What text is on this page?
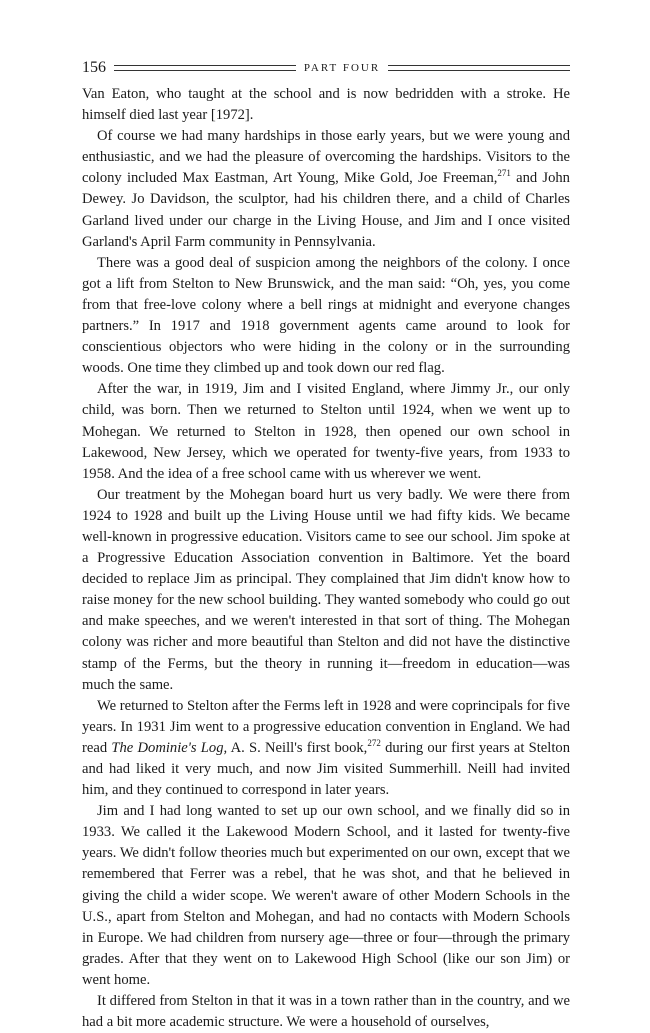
156	PART FOUR

Van Eaton, who taught at the school and is now bedridden with a stroke. He himself died last year [1972].

Of course we had many hardships in those early years, but we were young and enthusiastic, and we had the pleasure of overcoming the hardships. Visitors to the colony included Max Eastman, Art Young, Mike Gold, Joe Freeman,$^{271}$ and John Dewey. Jo Davidson, the sculptor, had his children there, and a child of Charles Garland lived under our charge in the Living House, and Jim and I once visited Garland's April Farm community in Pennsylvania.

There was a good deal of suspicion among the neighbors of the colony. I once got a lift from Stelton to New Brunswick, and the man said: “Oh, yes, you come from that free-love colony where a bell rings at midnight and everyone changes partners.” In 1917 and 1918 government agents came around to look for conscientious objectors who were hiding in the colony or in the surrounding woods. One time they climbed up and took down our red flag.

After the war, in 1919, Jim and I visited England, where Jimmy Jr., our only child, was born. Then we returned to Stelton until 1924, when we went up to Mohegan. We returned to Stelton in 1928, then opened our own school in Lakewood, New Jersey, which we operated for twenty-five years, from 1933 to 1958. And the idea of a free school came with us wherever we went.

Our treatment by the Mohegan board hurt us very badly. We were there from 1924 to 1928 and built up the Living House until we had fifty kids. We became well-known in progressive education. Visitors came to see our school. Jim spoke at a Progressive Education Association convention in Baltimore. Yet the board decided to replace Jim as principal. They complained that Jim didn't know how to raise money for the new school building. They wanted somebody who could go out and make speeches, and we weren't interested in that sort of thing. The Mohegan colony was richer and more beautiful than Stelton and did not have the distinctive stamp of the Ferms, but the theory in running it—freedom in education—was much the same.

We returned to Stelton after the Ferms left in 1928 and were coprincipals for five years. In 1931 Jim went to a progressive education convention in England. We had read The Dominie's Log, A. S. Neill's first book,$^{272}$ during our first years at Stelton and had liked it very much, and now Jim visited Summerhill. Neill had invited him, and they continued to correspond in later years.

Jim and I had long wanted to set up our own school, and we finally did so in 1933. We called it the Lakewood Modern School, and it lasted for twenty-five years. We didn't follow theories much but experimented on our own, except that we remembered that Ferrer was a rebel, that he was shot, and that he believed in giving the child a wider scope. We weren't aware of other Modern Schools in the U.S., apart from Stelton and Mohegan, and had no contacts with Modern Schools in Europe. We had children from nursery age—three or four—through the primary grades. After that they went on to Lakewood High School (like our son Jim) or went home.

It differed from Stelton in that it was in a town rather than in the country, and we had a bit more academic structure. We were a household of ourselves,
